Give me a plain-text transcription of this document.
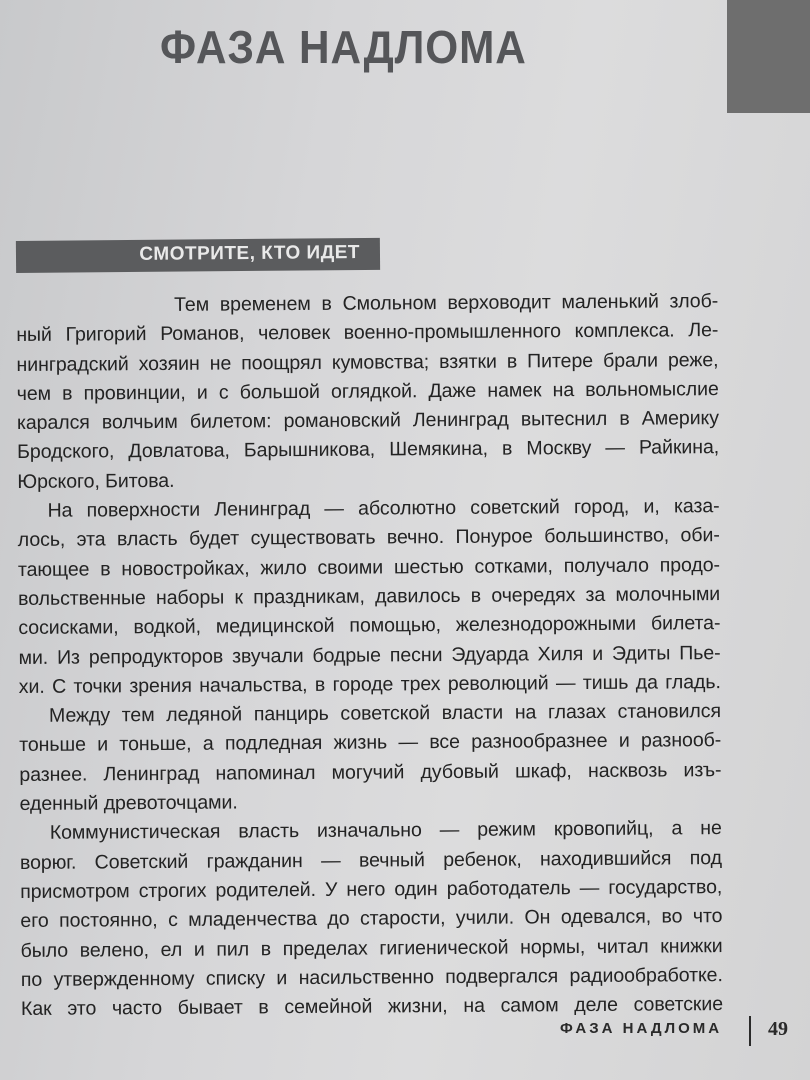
ФАЗА НАДЛОМА
СМОТРИТЕ, КТО ИДЕТ
Тем временем в Смольном верховодит маленький злоб-
ный Григорий Романов, человек военно-промышленного комплекса. Ле-
нинградский хозяин не поощрял кумовства; взятки в Питере брали реже,
чем в провинции, и с большой оглядкой. Даже намек на вольномыслие
карался волчьим билетом: романовский Ленинград вытеснил в Америку
Бродского, Довлатова, Барышникова, Шемякина, в Москву — Райкина,
Юрского, Битова.
На поверхности Ленинград — абсолютно советский город, и, каза-
лось, эта власть будет существовать вечно. Понурое большинство, оби-
тающее в новостройках, жило своими шестью сотками, получало продо-
вольственные наборы к праздникам, давилось в очередях за молочными
сосисками, водкой, медицинской помощью, железнодорожными билета-
ми. Из репродукторов звучали бодрые песни Эдуарда Хиля и Эдиты Пье-
хи. С точки зрения начальства, в городе трех революций — тишь да гладь.
Между тем ледяной панцирь советской власти на глазах становился
тоньше и тоньше, а подледная жизнь — все разнообразнее и разнооб-
разнее. Ленинград напоминал могучий дубовый шкаф, насквозь изъ-
еденный древоточцами.
Коммунистическая власть изначально — режим кровопийц, а не
ворюг. Советский гражданин — вечный ребенок, находившийся под
присмотром строгих родителей. У него один работодатель — государство,
его постоянно, с младенчества до старости, учили. Он одевался, во что
было велено, ел и пил в пределах гигиенической нормы, читал книжки
по утвержденному списку и насильственно подвергался радиообработке.
Как это часто бывает в семейной жизни, на самом деле советские
ФАЗА НАДЛОМА 49
